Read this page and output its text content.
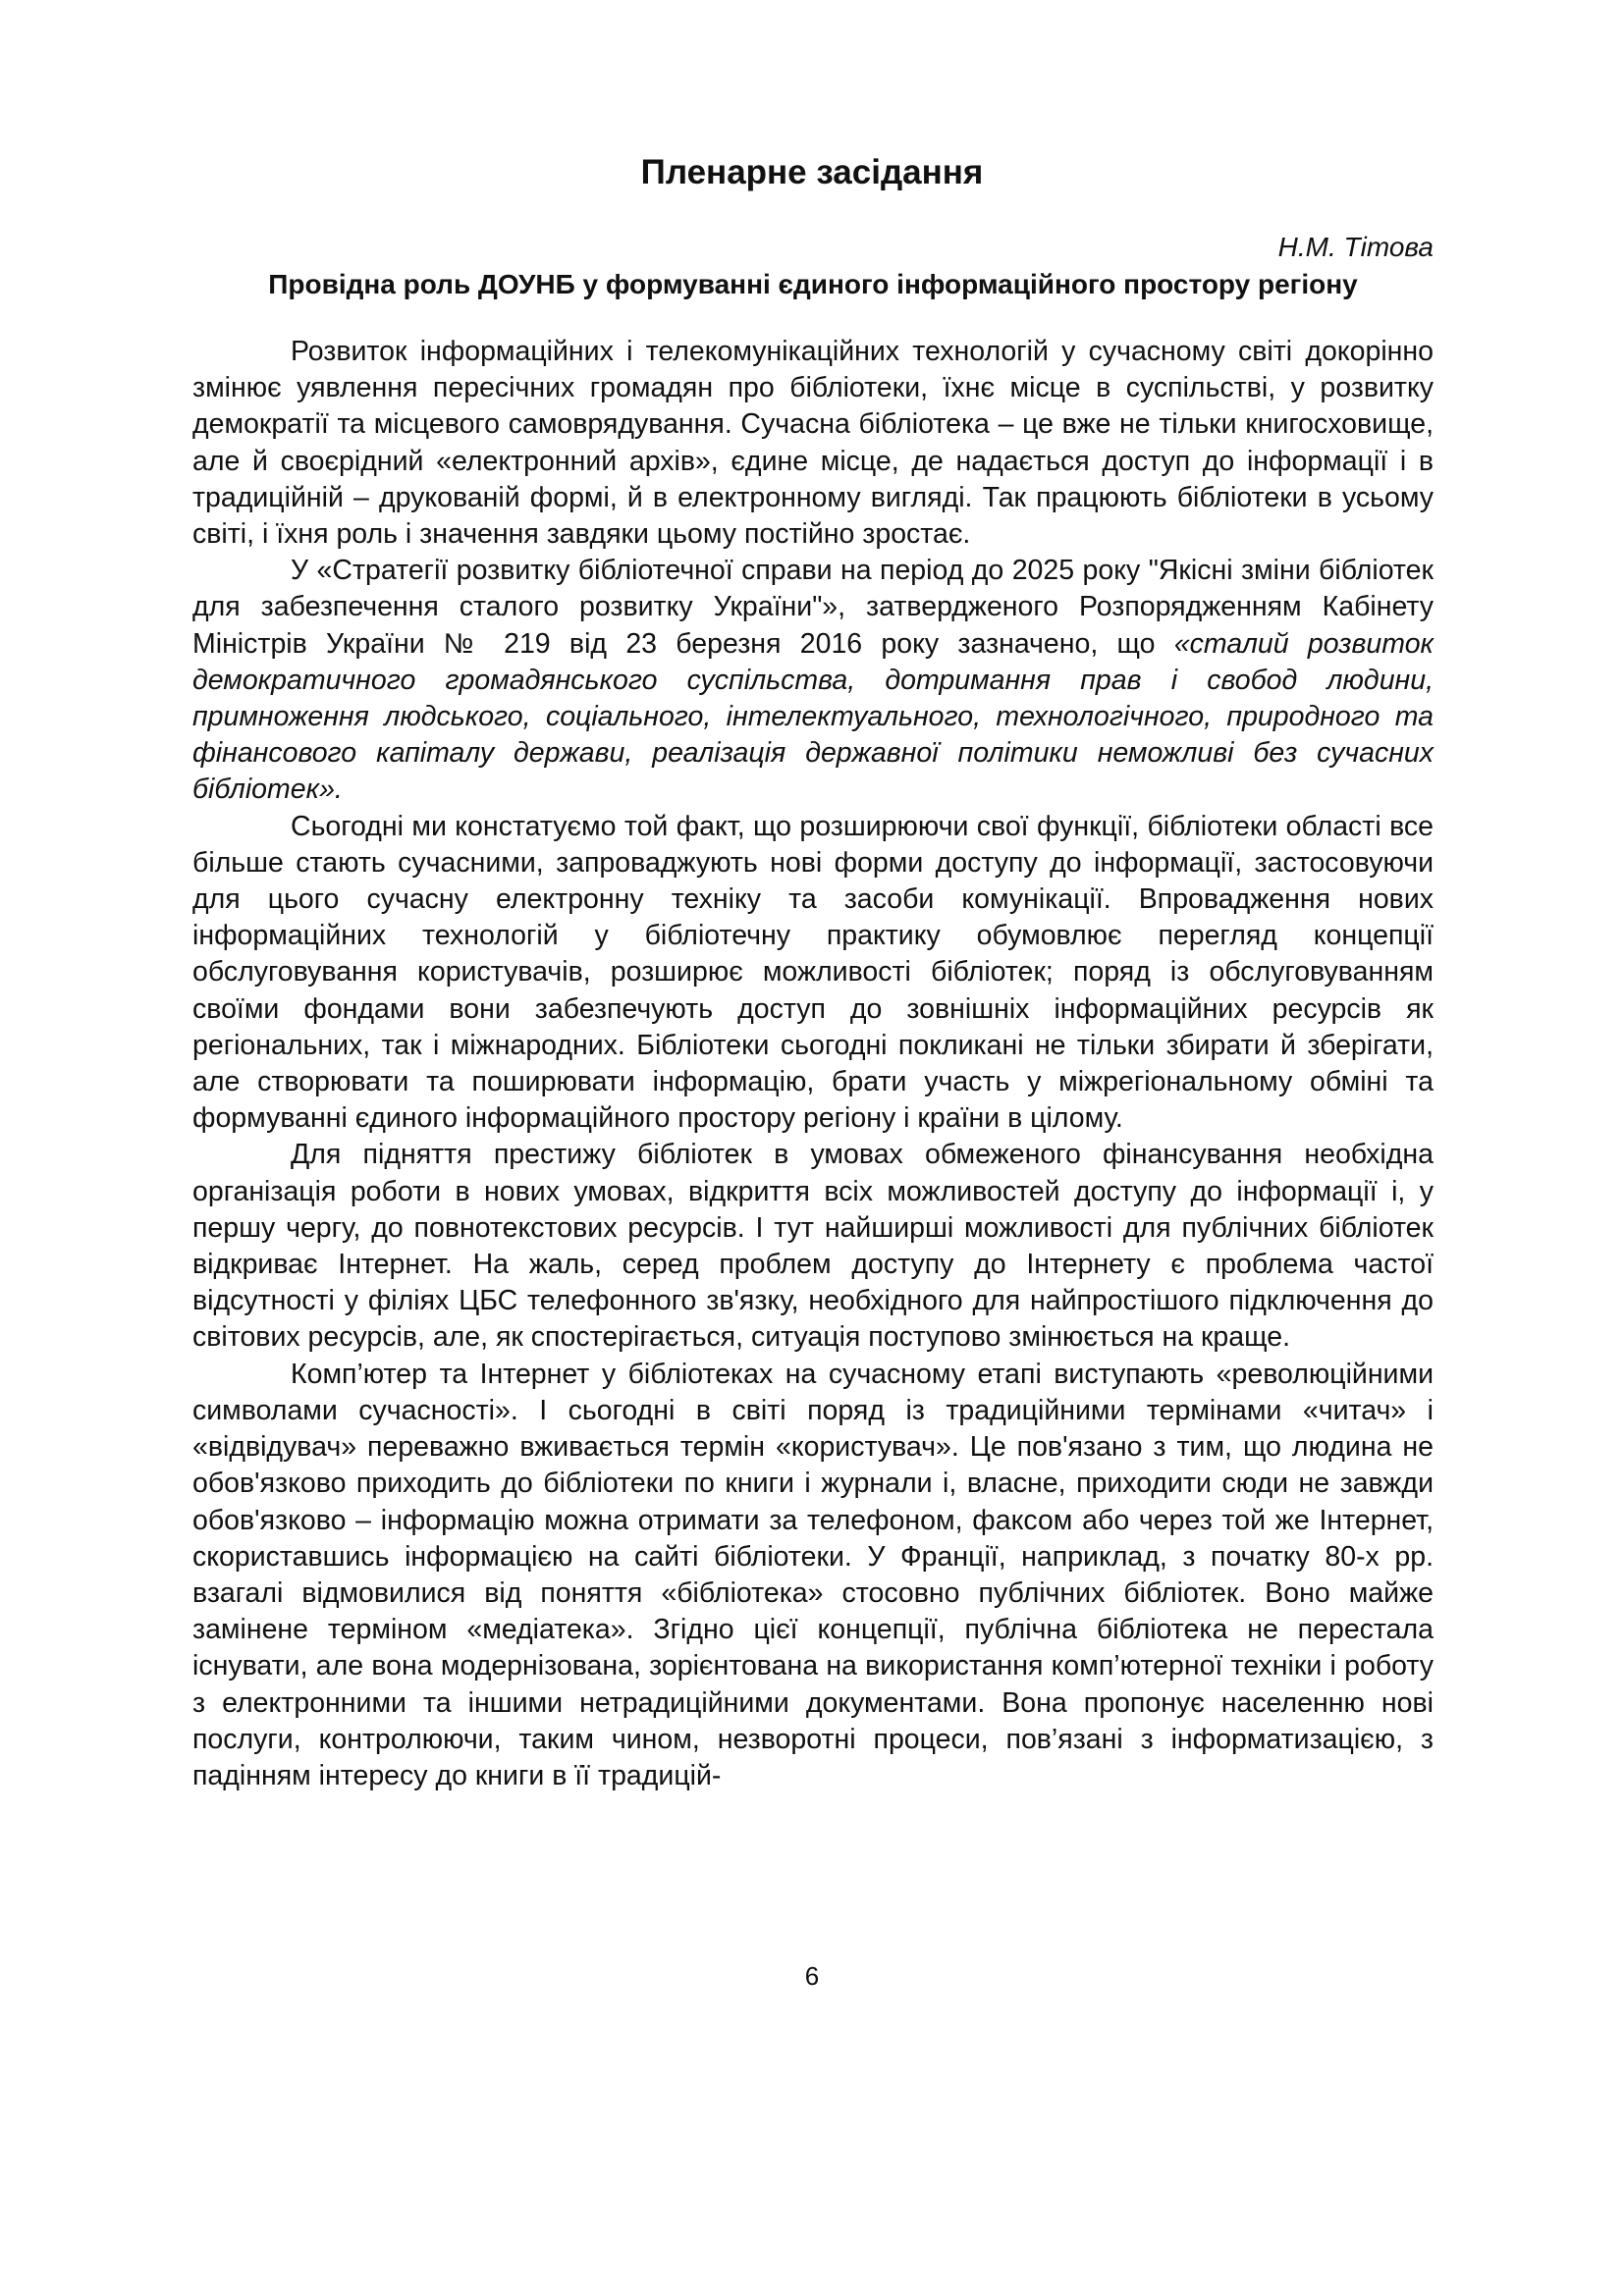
Пленарне засідання
Н.М. Тітова
Провідна роль ДОУНБ у формуванні єдиного інформаційного простору регіону

Розвиток інформаційних і телекомунікаційних технологій у сучасному світі докорінно змінює уявлення пересічних громадян про бібліотеки, їхнє місце в суспільстві, у розвитку демократії та місцевого самоврядування. Сучасна бібліотека – це вже не тільки книгосховище, але й своєрідний «електронний архів», єдине місце, де надається доступ до інформації і в традиційній – друкованій формі, й в електронному вигляді. Так працюють бібліотеки в усьому світі, і їхня роль і значення завдяки цьому постійно зростає.

У «Стратегії розвитку бібліотечної справи на період до 2025 року "Якісні зміни бібліотек для забезпечення сталого розвитку України"», затвердженого Розпорядженням Кабінету Міністрів України № 219 від 23 березня 2016 року зазначено, що «сталий розвиток демократичного громадянського суспільства, дотримання прав і свобод людини, примноження людського, соціального, інтелектуального, технологічного, природного та фінансового капіталу держави, реалізація державної політики неможливі без сучасних бібліотек».

Сьогодні ми констатуємо той факт, що розширюючи свої функції, бібліотеки області все більше стають сучасними, запроваджують нові форми доступу до інформації, застосовуючи для цього сучасну електронну техніку та засоби комунікації. Впровадження нових інформаційних технологій у бібліотечну практику обумовлює перегляд концепції обслуговування користувачів, розширює можливості бібліотек; поряд із обслуговуванням своїми фондами вони забезпечують доступ до зовнішніх інформаційних ресурсів як регіональних, так і міжнародних. Бібліотеки сьогодні покликані не тільки збирати й зберігати, але створювати та поширювати інформацію, брати участь у міжрегіональному обміні та формуванні єдиного інформаційного простору регіону і країни в цілому.

Для підняття престижу бібліотек в умовах обмеженого фінансування необхідна організація роботи в нових умовах, відкриття всіх можливостей доступу до інформації і, у першу чергу, до повнотекстових ресурсів. І тут найширші можливості для публічних бібліотек відкриває Інтернет. На жаль, серед проблем доступу до Інтернету є проблема частої відсутності у філіях ЦБС телефонного зв'язку, необхідного для найпростішого підключення до світових ресурсів, але, як спостерігається, ситуація поступово змінюється на краще.

Комп’ютер та Інтернет у бібліотеках на сучасному етапі виступають «революційними символами сучасності». І сьогодні в світі поряд із традиційними термінами «читач» і «відвідувач» переважно вживається термін «користувач». Це пов'язано з тим, що людина не обов'язково приходить до бібліотеки по книги і журнали і, власне, приходити сюди не завжди обов'язково – інформацію можна отримати за телефоном, факсом або через той же Інтернет, скориставшись інформацією на сайті бібліотеки. У Франції, наприклад, з початку 80-х рр. взагалі відмовилися від поняття «бібліотека» стосовно публічних бібліотек. Воно майже замінене терміном «медіатека». Згідно цієї концепції, публічна бібліотека не перестала існувати, але вона модернізована, зорієнтована на використання комп’ютерної техніки і роботу з електронними та іншими нетрадиційними документами. Вона пропонує населенню нові послуги, контролюючи, таким чином, незворотні процеси, пов’язані з інформатизацією, з падінням інтересу до книги в її традицій-

6
